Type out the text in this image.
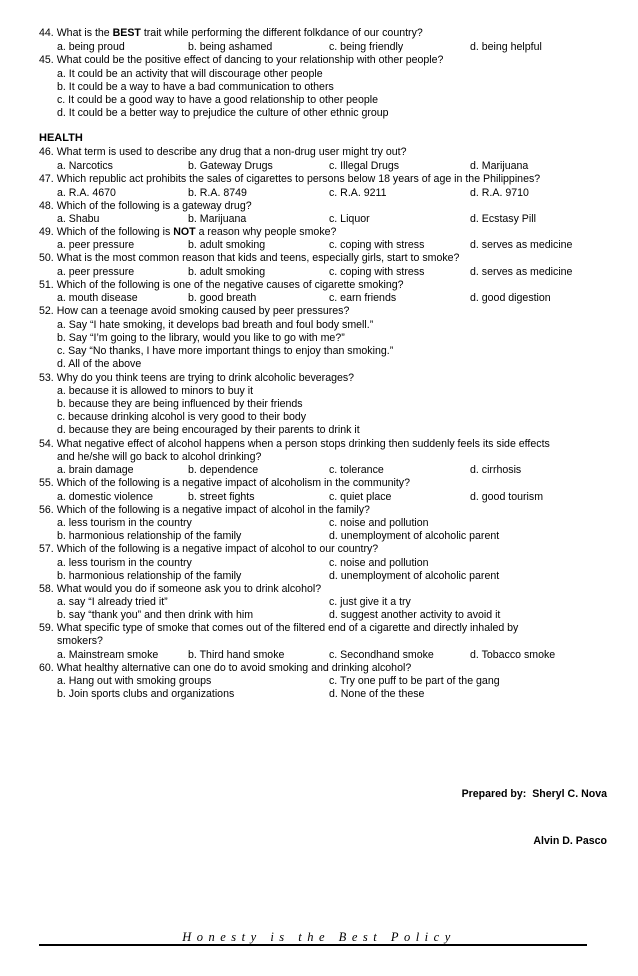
44. What is the BEST trait while performing the different folkdance of our country?
a. being proud	b. being ashamed	c. being friendly	d. being helpful
45. What could be the positive effect of dancing to your relationship with other people?
a. It could be an activity that will discourage other people
b. It could be a way to have a bad communication to others
c. It could be a good way to have a good relationship to other people
d. It could be a better way to prejudice the culture of other ethnic group
HEALTH
46. What term is used to describe any drug that a non-drug user might try out?
a. Narcotics	b. Gateway Drugs	c. Illegal Drugs	d. Marijuana
47. Which republic act prohibits the sales of cigarettes to persons below 18 years of age in the Philippines?
a. R.A. 4670	b. R.A. 8749	c. R.A. 9211	d. R.A. 9710
48. Which of the following is a gateway drug?
a. Shabu	b. Marijuana	c. Liquor	d. Ecstasy Pill
49. Which of the following is NOT a reason why people smoke?
a. peer pressure	b. adult smoking	c. coping with stress	d. serves as medicine
50. What is the most common reason that kids and teens, especially girls, start to smoke?
a. peer pressure	b. adult smoking	c. coping with stress	d. serves as medicine
51. Which of the following is one of the negative causes of cigarette smoking?
a. mouth disease	b. good breath	c. earn friends	d. good digestion
52. How can a teenage avoid smoking caused by peer pressures?
a. Say “I hate smoking, it develops bad breath and foul body smell.”
b. Say “I’m going to the library, would you like to go with me?”
c. Say “No thanks, I have more important things to enjoy than smoking.”
d. All of the above
53. Why do you think teens are trying to drink alcoholic beverages?
a. because it is allowed to minors to buy it
b. because they are being influenced by their friends
c. because drinking alcohol is very good to their body
d. because they are being encouraged by their parents to drink it
54. What negative effect of alcohol happens when a person stops drinking then suddenly feels its side effects
and he/she will go back to alcohol drinking?
a. brain damage	b. dependence	c. tolerance	d. cirrhosis
55. Which of the following is a negative impact of alcoholism in the community?
a. domestic violence	b. street fights	c. quiet place	d. good tourism
56. Which of the following is a negative impact of alcohol in the family?
a. less tourism in the country	c. noise and pollution
b. harmonious relationship of the family	d. unemployment of alcoholic parent
57. Which of the following is a negative impact of alcohol to our country?
a. less tourism in the country	c. noise and pollution
b. harmonious relationship of the family	d. unemployment of alcoholic parent
58. What would you do if someone ask you to drink alcohol?
a. say “I already tried it”	c. just give it a try
b. say “thank you” and then drink with him	d. suggest another activity to avoid it
59. What specific type of smoke that comes out of the filtered end of a cigarette and directly inhaled by
smokers?
a. Mainstream smoke	b. Third hand smoke	c. Secondhand smoke	d. Tobacco smoke
60. What healthy alternative can one do to avoid smoking and drinking alcohol?
a. Hang out with smoking groups	c. Try one puff to be part of the gang
b. Join sports clubs and organizations	d. None of the these
Prepared by: Sheryl C. Nova
Alvin D. Pasco
Honesty is the Best Policy
